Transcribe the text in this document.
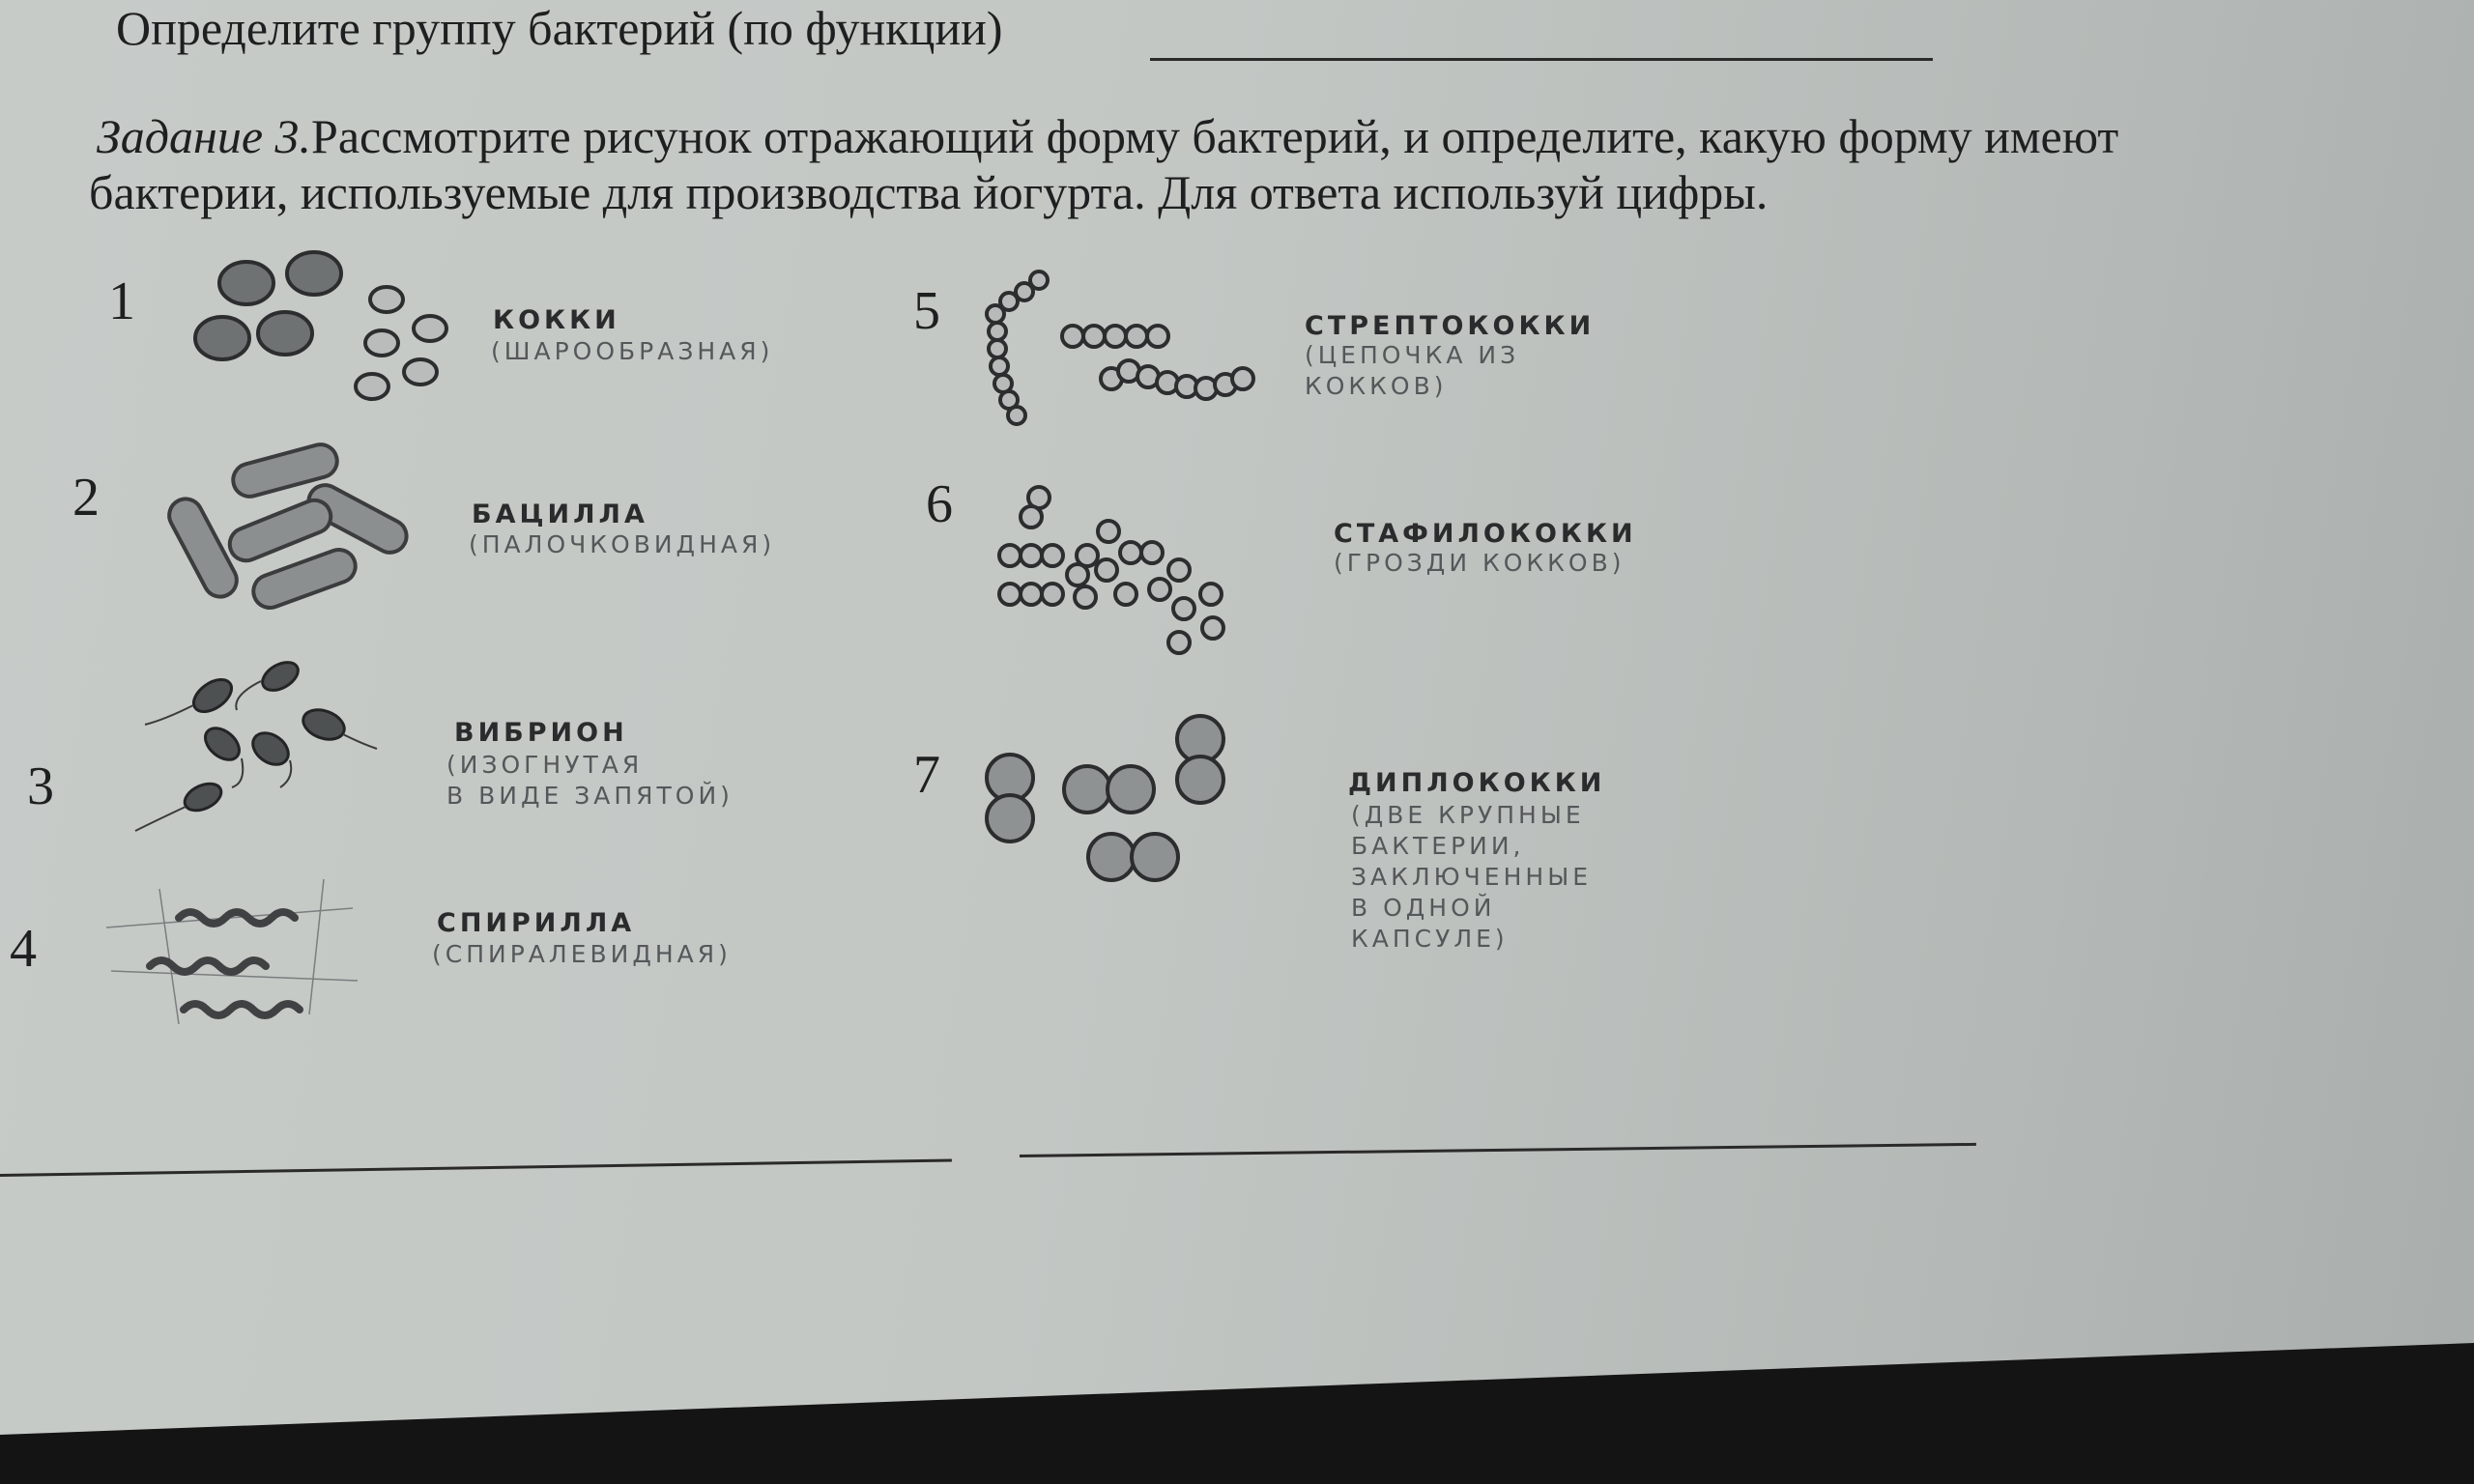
Определите группу бактерий (по функции)
Задание 3.Рассмотрите рисунок отражающий форму бактерий, и определите, какую форму имеют
бактерии, используемые для производства йогурта. Для ответа используй цифры.
1	КОККИ
(ШАРООБРАЗНАЯ)
2	БАЦИЛЛА
(ПАЛОЧКОВИДНАЯ)
3
ВИБРИОН
(ИЗОГНУТАЯ
В ВИДЕ ЗАПЯТОЙ)
4	СПИРИЛЛА
(СПИРАЛЕВИДНАЯ)
5	СТРЕПТОКОККИ
(ЦЕПОЧКА ИЗ
КОККОВ)
6	СТАФИЛОКОККИ
(ГРОЗДИ КОККОВ)
7	ДИПЛОКОККИ
(ДВЕ КРУПНЫЕ
БАКТЕРИИ,
ЗАКЛЮЧЕННЫЕ
В ОДНОЙ
КАПСУЛЕ)
